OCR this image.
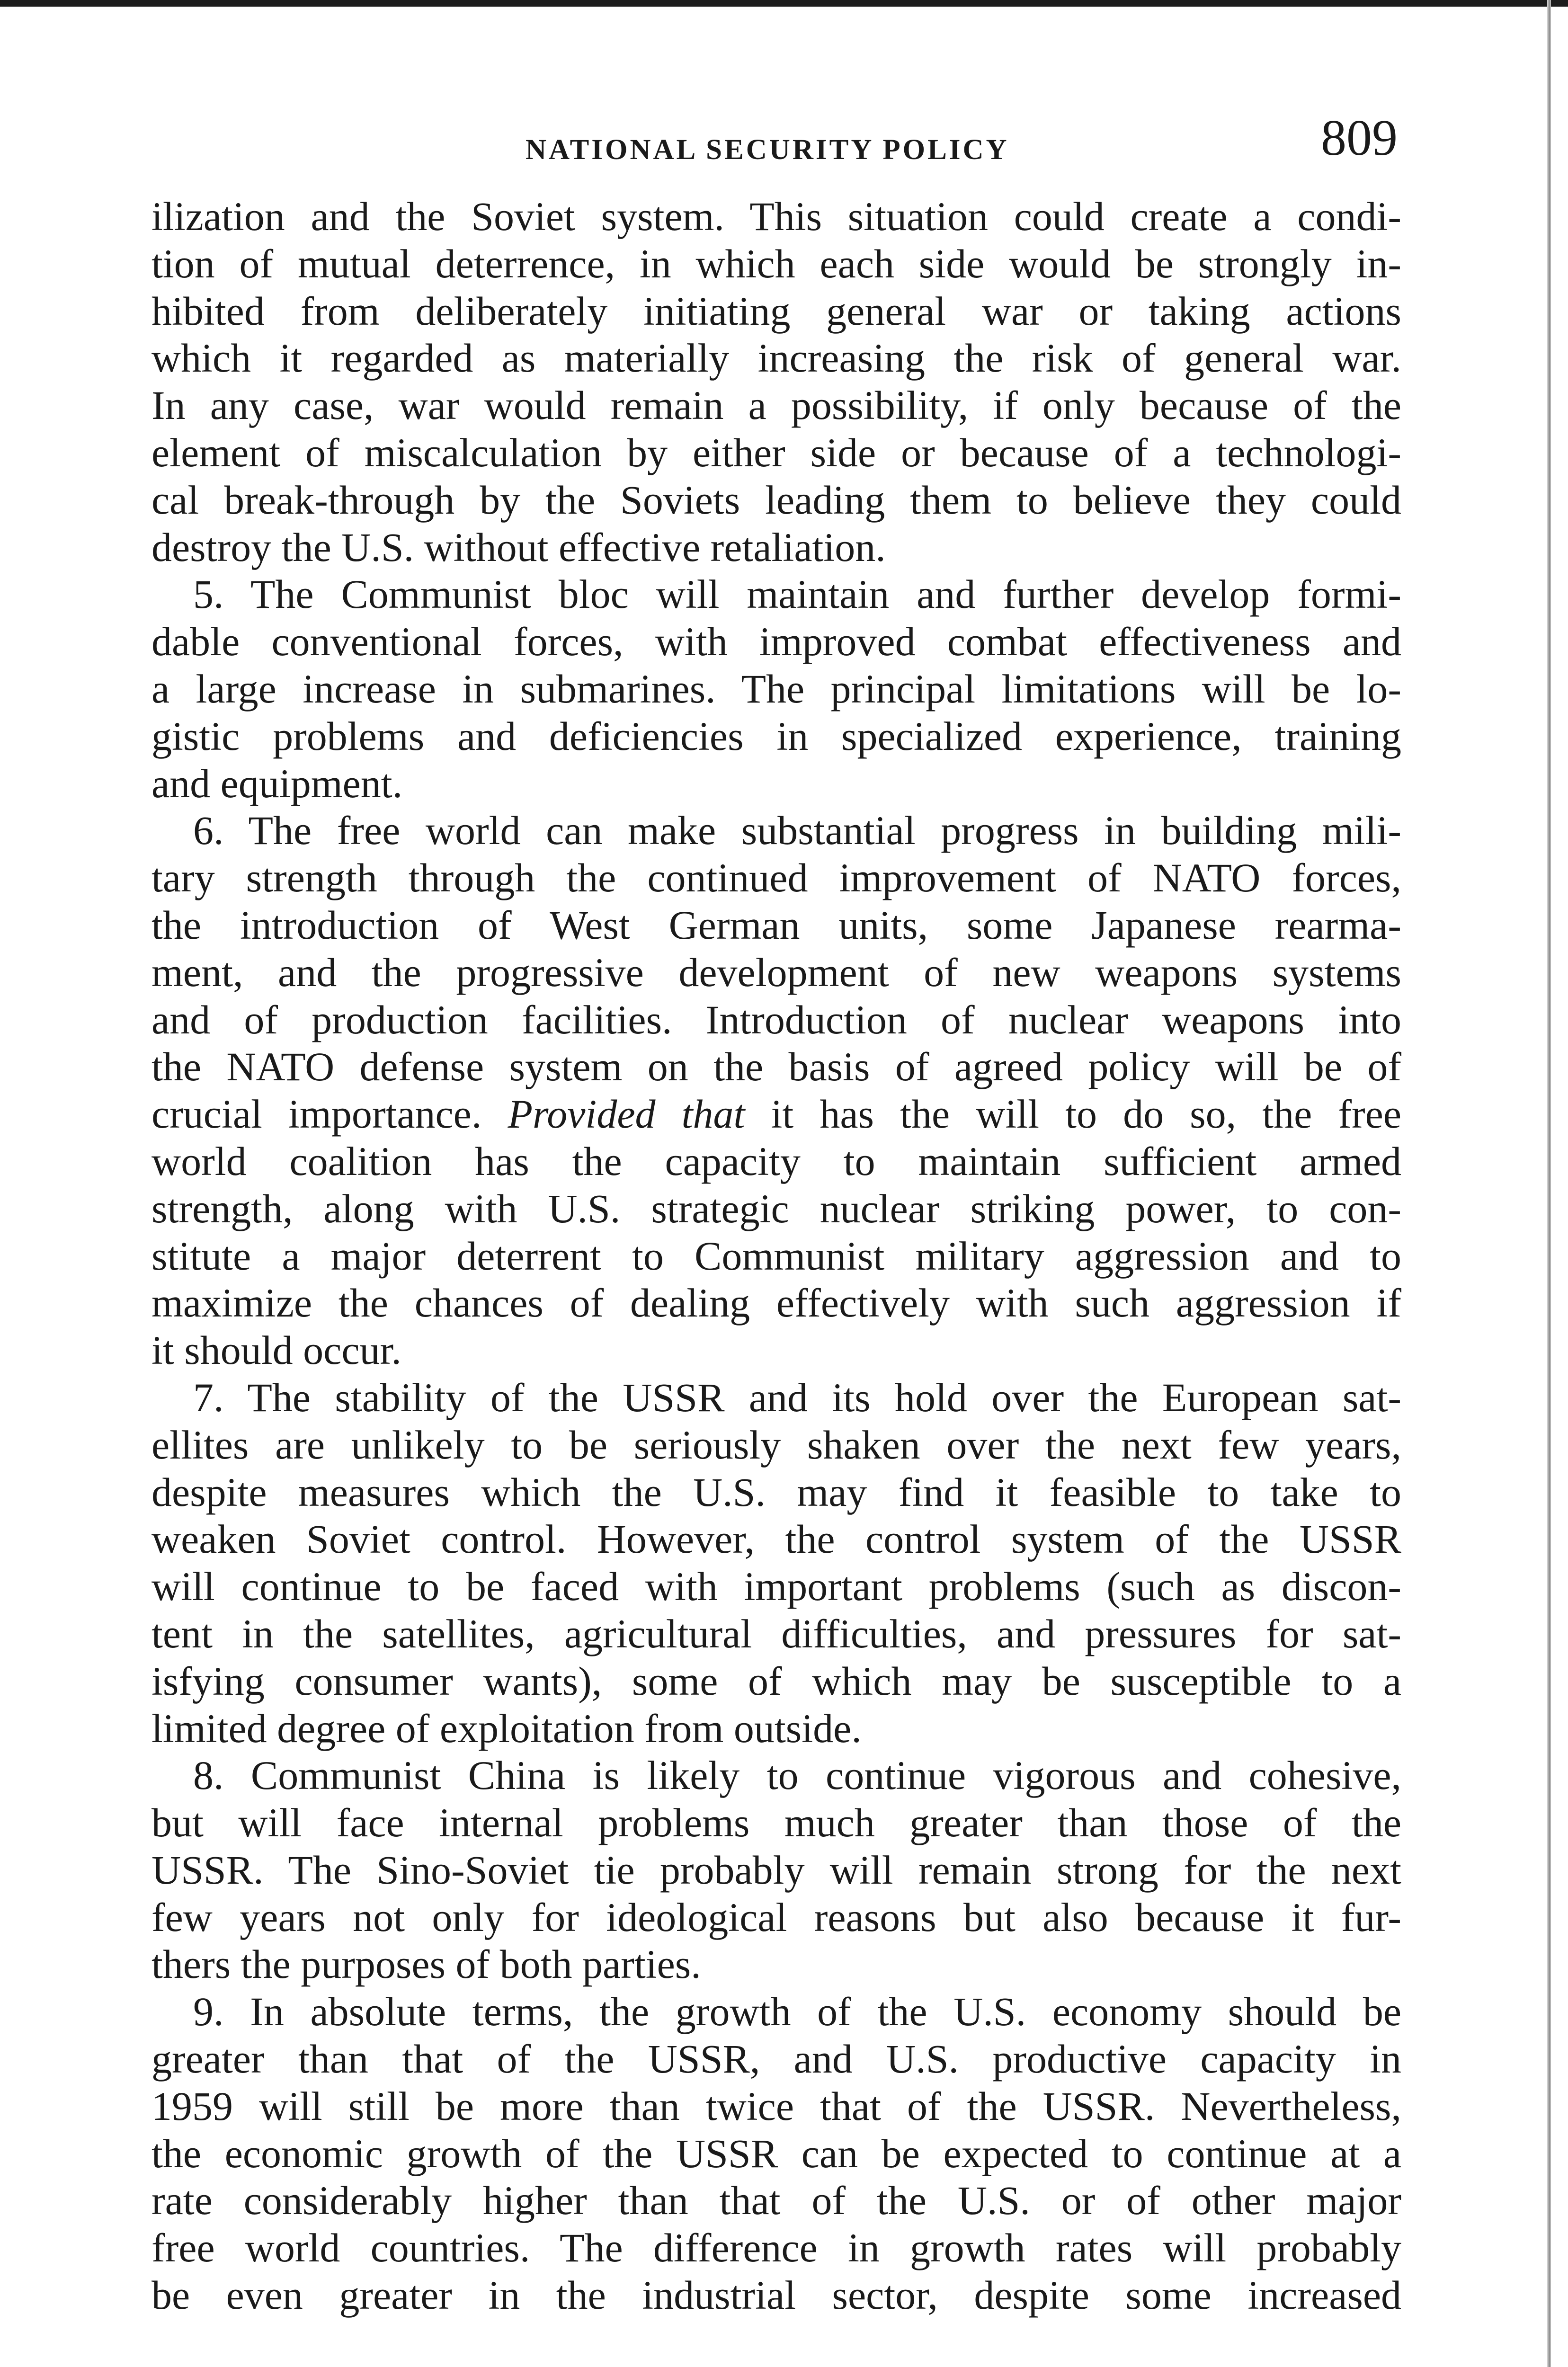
NATIONAL SECURITY POLICY	809

ilization and the Soviet system. This situation could create a condi-
tion of mutual deterrence, in which each side would be strongly in-
hibited from deliberately initiating general war or taking actions
which it regarded as materially increasing the risk of general war.
In any case, war would remain a possibility, if only because of the
element of miscalculation by either side or because of a technologi-
cal break-through by the Soviets leading them to believe they could
destroy the U.S. without effective retaliation.

5. The Communist bloc will maintain and further develop formi-
dable conventional forces, with improved combat effectiveness and
a large increase in submarines. The principal limitations will be lo-
gistic problems and deficiencies in specialized experience, training
and equipment.

6. The free world can make substantial progress in building mili-
tary strength through the continued improvement of NATO forces,
the introduction of West German units, some Japanese rearma-
ment, and the progressive development of new weapons systems
and of production facilities. Introduction of nuclear weapons into
the NATO defense system on the basis of agreed policy will be of
crucial importance. Provided that it has the will to do so, the free
world coalition has the capacity to maintain sufficient armed
strength, along with U.S. strategic nuclear striking power, to con-
stitute a major deterrent to Communist military aggression and to
maximize the chances of dealing effectively with such aggression if
it should occur.

7. The stability of the USSR and its hold over the European sat-
ellites are unlikely to be seriously shaken over the next few years,
despite measures which the U.S. may find it feasible to take to
weaken Soviet control. However, the control system of the USSR
will continue to be faced with important problems (such as discon-
tent in the satellites, agricultural difficulties, and pressures for sat-
isfying consumer wants), some of which may be susceptible to a
limited degree of exploitation from outside.

8. Communist China is likely to continue vigorous and cohesive,
but will face internal problems much greater than those of the
USSR. The Sino-Soviet tie probably will remain strong for the next
few years not only for ideological reasons but also because it fur-
thers the purposes of both parties.

9. In absolute terms, the growth of the U.S. economy should be
greater than that of the USSR, and U.S. productive capacity in
1959 will still be more than twice that of the USSR. Nevertheless,
the economic growth of the USSR can be expected to continue at a
rate considerably higher than that of the U.S. or of other major
free world countries. The difference in growth rates will probably
be even greater in the industrial sector, despite some increased
